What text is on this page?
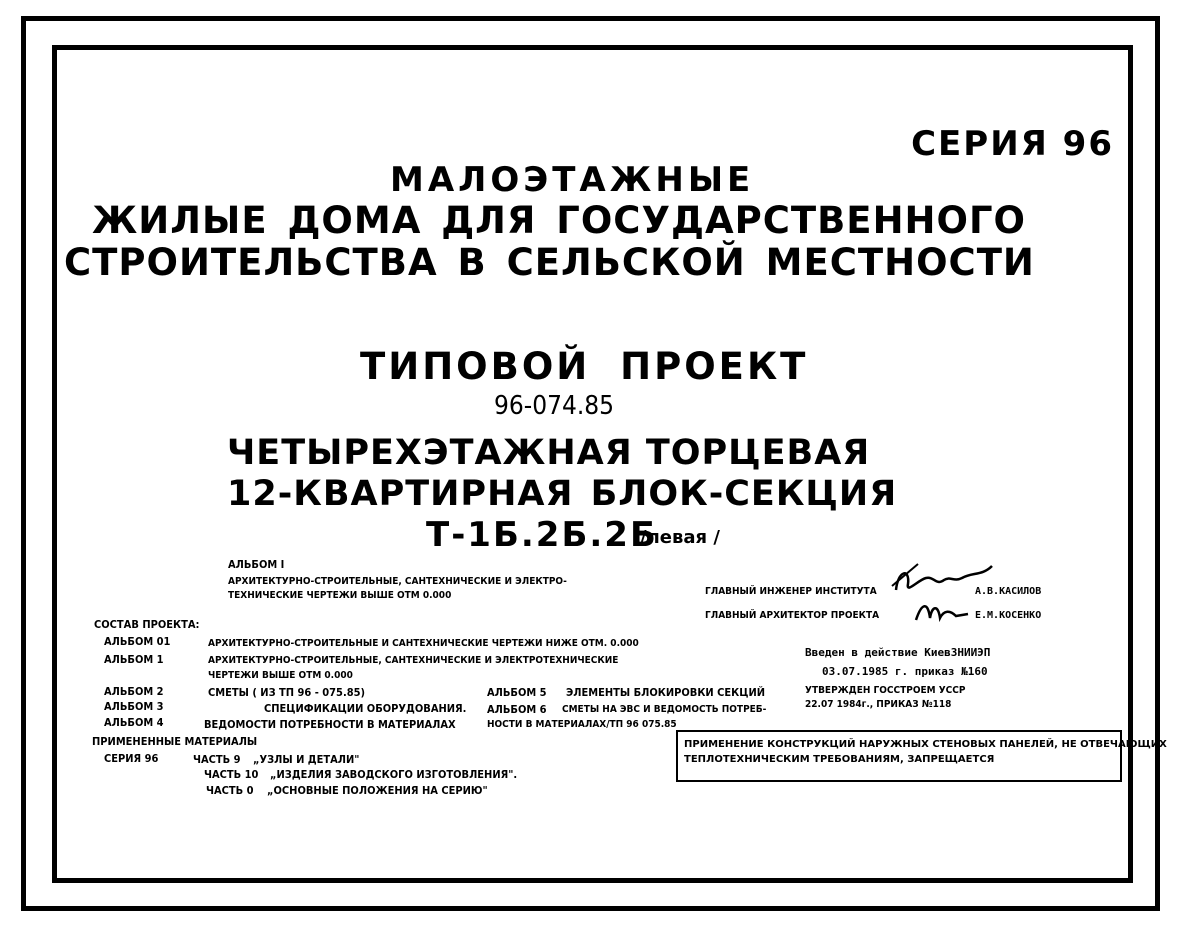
СЕРИЯ 96
МАЛОЭТАЖНЫЕ
ЖИЛЫЕ ДОМА ДЛЯ ГОСУДАРСТВЕННОГО
СТРОИТЕЛЬСТВА В СЕЛЬСКОЙ МЕСТНОСТИ
ТИПОВОЙ ПРОЕКТ
96-074.85
ЧЕТЫРЕХЭТАЖНАЯ ТОРЦЕВАЯ
12-КВАРТИРНАЯ БЛОК-СЕКЦИЯ
Т-1Б.2Б.2Б
/левая /
АЛЬБОМ I
АРХИТЕКТУРНО-СТРОИТЕЛЬНЫЕ, САНТЕХНИЧЕСКИЕ И ЭЛЕКТРО-
ТЕХНИЧЕСКИЕ ЧЕРТЕЖИ ВЫШЕ ОТМ 0.000	ГЛАВНЫЙ ИНЖЕНЕР ИНСТИТУТА	А.В.КАСИЛОВ
ГЛАВНЫЙ АРХИТЕКТОР ПРОЕКТА	Е.М.КОСЕНКО
Введен в действие КиевЗНИИЭП
03.07.1985 г. приказ №160
УТВЕРЖДЕН ГОССТРОЕМ УССР
22.07 1984г., ПРИКАЗ №118
СОСТАВ ПРОЕКТА:
АЛЬБОМ 01	АРХИТЕКТУРНО-СТРОИТЕЛЬНЫЕ И САНТЕХНИЧЕСКИЕ ЧЕРТЕЖИ НИЖЕ ОТМ. 0.000
АЛЬБОМ 1	АРХИТЕКТУРНО-СТРОИТЕЛЬНЫЕ, САНТЕХНИЧЕСКИЕ И ЭЛЕКТРОТЕХНИЧЕСКИЕ
ЧЕРТЕЖИ ВЫШЕ ОТМ 0.000
АЛЬБОМ 2	СМЕТЫ ( ИЗ ТП 96 - 075.85)
АЛЬБОМ 3	СПЕЦИФИКАЦИИ ОБОРУДОВАНИЯ.
АЛЬБОМ 4	ВЕДОМОСТИ ПОТРЕБНОСТИ В МАТЕРИАЛАХ
АЛЬБОМ 5 ЭЛЕМЕНТЫ БЛОКИРОВКИ СЕКЦИЙ
АЛЬБОМ 6 СМЕТЫ НА ЭВС И ВЕДОМОСТЬ ПОТРЕБ-
НОСТИ В МАТЕРИАЛАХ/ТП 96 075.85
ПРИМЕНЕННЫЕ МАТЕРИАЛЫ
СЕРИЯ 96	ЧАСТЬ 9 „УЗЛЫ И ДЕТАЛИ"
ЧАСТЬ 10 „ИЗДЕЛИЯ ЗАВОДСКОГО ИЗГОТОВЛЕНИЯ".
ЧАСТЬ 0 „ОСНОВНЫЕ ПОЛОЖЕНИЯ НА СЕРИЮ"
ПРИМЕНЕНИЕ КОНСТРУКЦИЙ НАРУЖНЫХ СТЕНОВЫХ ПАНЕЛЕЙ, НЕ ОТВЕЧАЮЩИХ
ТЕПЛОТЕХНИЧЕСКИМ ТРЕБОВАНИЯМ, ЗАПРЕЩАЕТСЯ
